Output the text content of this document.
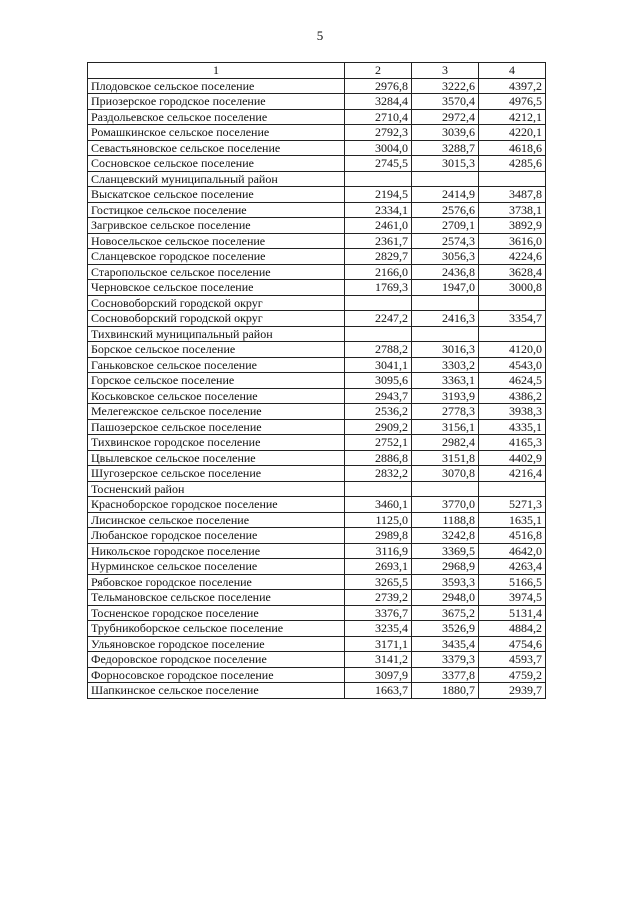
5
1	2	3	4
Плодовское сельское поселение	2976,8	3222,6	4397,2
Приозерское городское поселение	3284,4	3570,4	4976,5
Раздольевское сельское поселение	2710,4	2972,4	4212,1
Ромашкинское сельское поселение	2792,3	3039,6	4220,1
Севастьяновское сельское поселение	3004,0	3288,7	4618,6
Сосновское сельское поселение	2745,5	3015,3	4285,6
Сланцевский муниципальный район			
Выскатское сельское поселение	2194,5	2414,9	3487,8
Гостицкое сельское поселение	2334,1	2576,6	3738,1
Загривское сельское поселение	2461,0	2709,1	3892,9
Новосельское сельское поселение	2361,7	2574,3	3616,0
Сланцевское городское поселение	2829,7	3056,3	4224,6
Старопольское сельское поселение	2166,0	2436,8	3628,4
Черновское сельское поселение	1769,3	1947,0	3000,8
Сосновоборский городской округ			
Сосновоборский городской округ	2247,2	2416,3	3354,7
Тихвинский муниципальный район			
Борское сельское поселение	2788,2	3016,3	4120,0
Ганьковское сельское поселение	3041,1	3303,2	4543,0
Горское сельское поселение	3095,6	3363,1	4624,5
Коськовское сельское поселение	2943,7	3193,9	4386,2
Мелегежское сельское поселение	2536,2	2778,3	3938,3
Пашозерское сельское поселение	2909,2	3156,1	4335,1
Тихвинское городское поселение	2752,1	2982,4	4165,3
Цвылевское сельское поселение	2886,8	3151,8	4402,9
Шугозерское сельское поселение	2832,2	3070,8	4216,4
Тосненский район			
Красноборское городское поселение	3460,1	3770,0	5271,3
Лисинское сельское поселение	1125,0	1188,8	1635,1
Любанское городское поселение	2989,8	3242,8	4516,8
Никольское городское поселение	3116,9	3369,5	4642,0
Нурминское сельское поселение	2693,1	2968,9	4263,4
Рябовское городское поселение	3265,5	3593,3	5166,5
Тельмановское сельское поселение	2739,2	2948,0	3974,5
Тосненское городское поселение	3376,7	3675,2	5131,4
Трубникоборское сельское поселение	3235,4	3526,9	4884,2
Ульяновское городское поселение	3171,1	3435,4	4754,6
Федоровское городское поселение	3141,2	3379,3	4593,7
Форносовское городское поселение	3097,9	3377,8	4759,2
Шапкинское сельское поселение	1663,7	1880,7	2939,7
